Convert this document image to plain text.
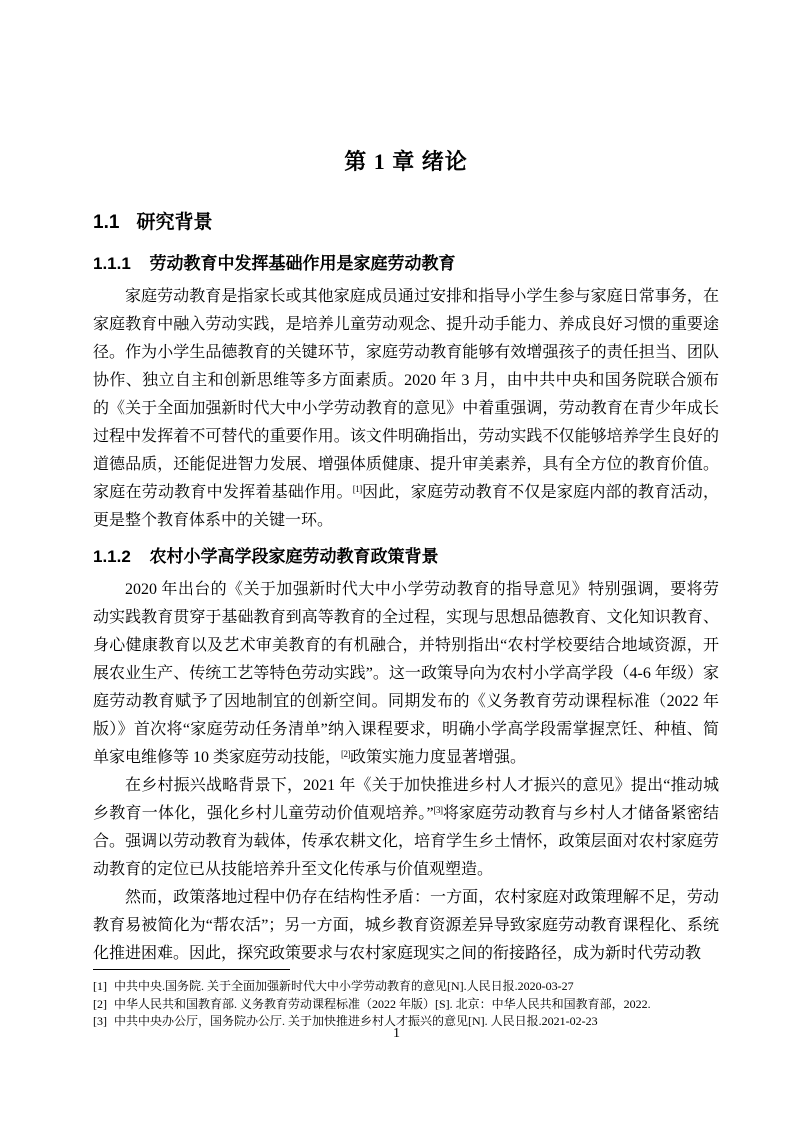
第 1 章 绪论
1.1 研究背景
1.1.1 劳动教育中发挥基础作用是家庭劳动教育

家庭劳动教育是指家长或其他家庭成员通过安排和指导小学生参与家庭日常事务，在家庭教育中融入劳动实践，是培养儿童劳动观念、提升动手能力、养成良好习惯的重要途径。作为小学生品德教育的关键环节，家庭劳动教育能够有效增强孩子的责任担当、团队协作、独立自主和创新思维等多方面素质。2020 年 3 月，由中共中央和国务院联合颁布的《关于全面加强新时代大中小学劳动教育的意见》中着重强调，劳动教育在青少年成长过程中发挥着不可替代的重要作用。该文件明确指出，劳动实践不仅能够培养学生良好的道德品质，还能促进智力发展、增强体质健康、提升审美素养，具有全方位的教育价值。家庭在劳动教育中发挥着基础作用。[1]因此，家庭劳动教育不仅是家庭内部的教育活动，更是整个教育体系中的关键一环。

1.1.2 农村小学高学段家庭劳动教育政策背景

2020 年出台的《关于加强新时代大中小学劳动教育的指导意见》特别强调，要将劳动实践教育贯穿于基础教育到高等教育的全过程，实现与思想品德教育、文化知识教育、身心健康教育以及艺术审美教育的有机融合，并特别指出“农村学校要结合地域资源，开展农业生产、传统工艺等特色劳动实践”。这一政策导向为农村小学高学段（4-6 年级）家庭劳动教育赋予了因地制宜的创新空间。同期发布的《义务教育劳动课程标准（2022 年版）》首次将“家庭劳动任务清单”纳入课程要求，明确小学高学段需掌握烹饪、种植、简单家电维修等 10 类家庭劳动技能，[2]政策实施力度显著增强。

在乡村振兴战略背景下，2021 年《关于加快推进乡村人才振兴的意见》提出“推动城乡教育一体化，强化乡村儿童劳动价值观培养。”[3]将家庭劳动教育与乡村人才储备紧密结合。强调以劳动教育为载体，传承农耕文化，培育学生乡土情怀，政策层面对农村家庭劳动教育的定位已从技能培养升至文化传承与价值观塑造。

然而，政策落地过程中仍存在结构性矛盾：一方面，农村家庭对政策理解不足，劳动教育易被简化为“帮农活”；另一方面，城乡教育资源差异导致家庭劳动教育课程化、系统化推进困难。因此，探究政策要求与农村家庭现实之间的衔接路径，成为新时代劳动教

[1] 中共中央.国务院. 关于全面加强新时代大中小学劳动教育的意见[N].人民日报.2020-03-27

[2] 中华人民共和国教育部. 义务教育劳动课程标准（2022 年版）[S]. 北京：中华人民共和国教育部，2022.

[3] 中共中央办公厅，国务院办公厅. 关于加快推进乡村人才振兴的意见[N]. 人民日报.2021-02-23

1
